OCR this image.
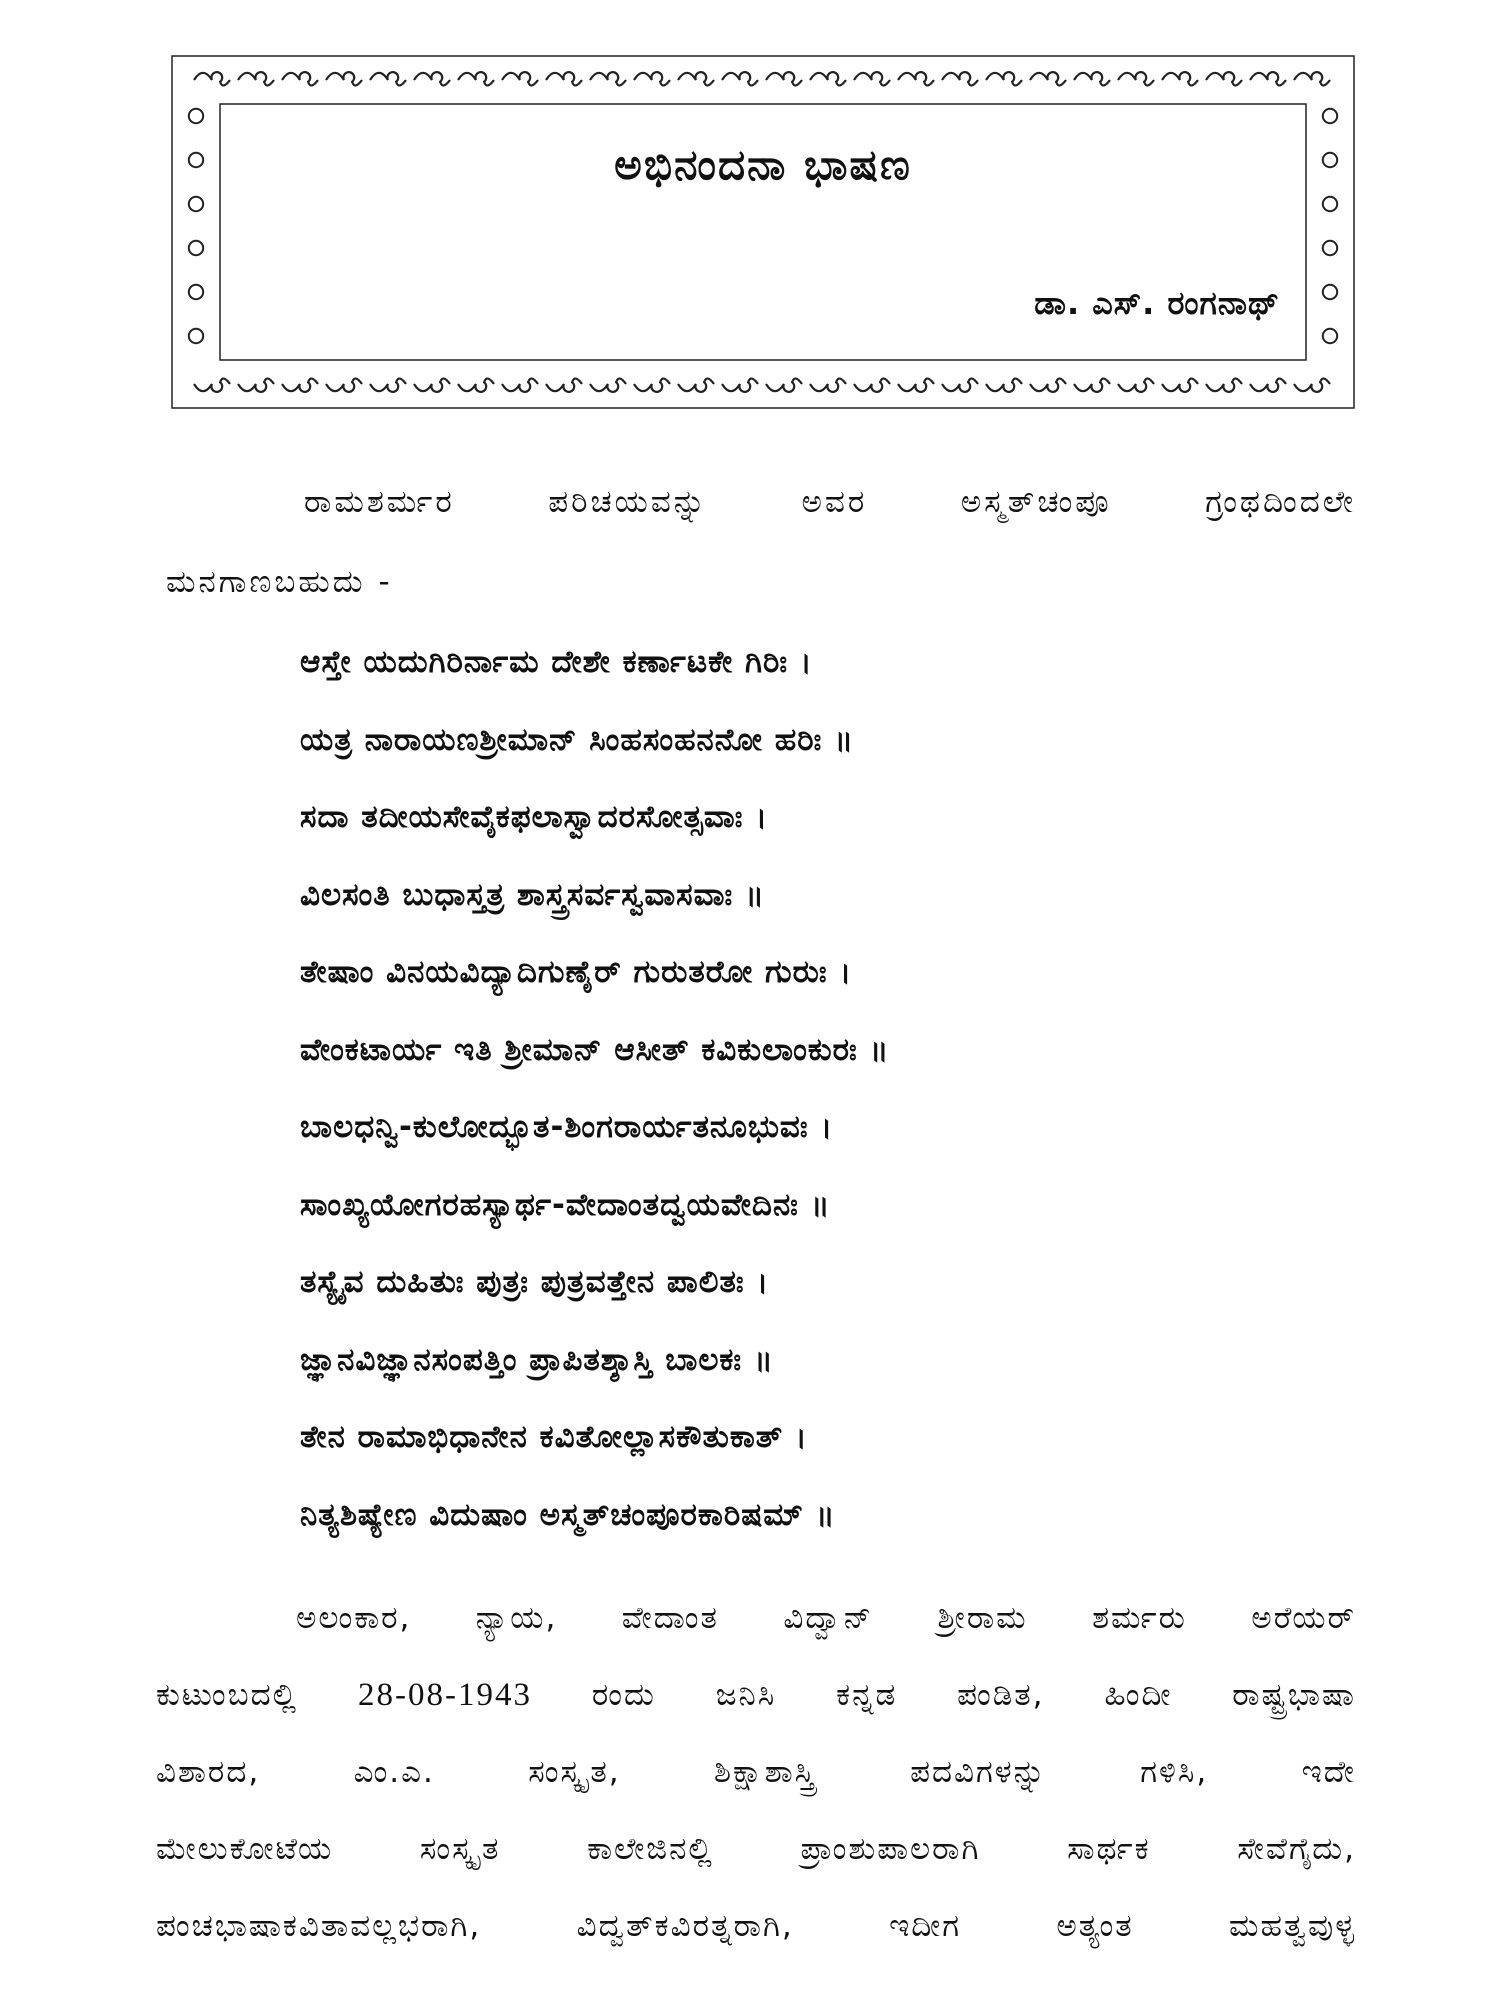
ಅಭಿನಂದನಾ ಭಾಷಣ
ಡಾ. ಎಸ್. ರಂಗನಾಥ್
ರಾಮಶರ್ಮರ ಪರಿಚಯವನ್ನು ಅವರ ಅಸ್ಮತ್‌ಚಂಪೂ ಗ್ರಂಥದಿಂದಲೇ
ಮನಗಾಣಬಹುದು -
ಆಸ್ತೇ ಯದುಗಿರಿರ್ನಾಮ ದೇಶೇ ಕರ್ಣಾಟಕೇ ಗಿರಿಃ ।
ಯತ್ರ ನಾರಾಯಣಶ್ರೀಮಾನ್ ಸಿಂಹಸಂಹನನೋ ಹರಿಃ ॥
ಸದಾ ತದೀಯಸೇವೈಕಫಲಾಸ್ವಾದರಸೋತ್ಸವಾಃ ।
ವಿಲಸಂತಿ ಬುಧಾಸ್ತತ್ರ ಶಾಸ್ತ್ರಸರ್ವಸ್ವವಾಸವಾಃ ॥
ತೇಷಾಂ ವಿನಯವಿದ್ಯಾದಿಗುಣೈರ್ ಗುರುತರೋ ಗುರುಃ ।
ವೇಂಕಟಾರ್ಯ ಇತಿ ಶ್ರೀಮಾನ್ ಆಸೀತ್ ಕವಿಕುಲಾಂಕುರಃ ॥
ಬಾಲಧನ್ವಿ-ಕುಲೋದ್ಭೂತ-ಶಿಂಗರಾರ್ಯತನೂಭುವಃ ।
ಸಾಂಖ್ಯಯೋಗರಹಸ್ಯಾರ್ಥ-ವೇದಾಂತದ್ವಯವೇದಿನಃ ॥
ತಸ್ಯೈವ ದುಹಿತುಃ ಪುತ್ರಃ ಪುತ್ರವತ್ತೇನ ಪಾಲಿತಃ ।
ಜ್ಞಾನವಿಜ್ಞಾನಸಂಪತ್ತಿಂ ಪ್ರಾಪಿತಶ್ಶಾಸ್ತಿ ಬಾಲಕಃ ॥
ತೇನ ರಾಮಾಭಿಧಾನೇನ ಕವಿತೋಲ್ಲಾಸಕೌತುಕಾತ್ ।
ನಿತ್ಯಶಿಷ್ಯೇಣ ವಿದುಷಾಂ ಅಸ್ಮತ್‌ಚಂಪೂರಕಾರಿಷಮ್ ॥
ಅಲಂಕಾರ, ನ್ಯಾಯ, ವೇದಾಂತ ವಿದ್ವಾನ್ ಶ್ರೀರಾಮ ಶರ್ಮರು ಅರೆಯರ್
ಕುಟುಂಬದಲ್ಲಿ 28-08-1943 ರಂದು ಜನಿಸಿ ಕನ್ನಡ ಪಂಡಿತ, ಹಿಂದೀ ರಾಷ್ಟ್ರಭಾಷಾ
ವಿಶಾರದ, ಎಂ.ಎ. ಸಂಸ್ಕೃತ, ಶಿಕ್ಷಾಶಾಸ್ತ್ರಿ ಪದವಿಗಳನ್ನು ಗಳಿಸಿ, ಇದೇ
ಮೇಲುಕೋಟೆಯ ಸಂಸ್ಕೃತ ಕಾಲೇಜಿನಲ್ಲಿ ಪ್ರಾಂಶುಪಾಲರಾಗಿ ಸಾರ್ಥಕ ಸೇವೆಗೈದು,
ಪಂಚಭಾಷಾಕವಿತಾವಲ್ಲಭರಾಗಿ, ವಿದ್ವತ್‌ಕವಿರತ್ನರಾಗಿ, ಇದೀಗ ಅತ್ಯಂತ ಮಹತ್ವವುಳ್ಳ
